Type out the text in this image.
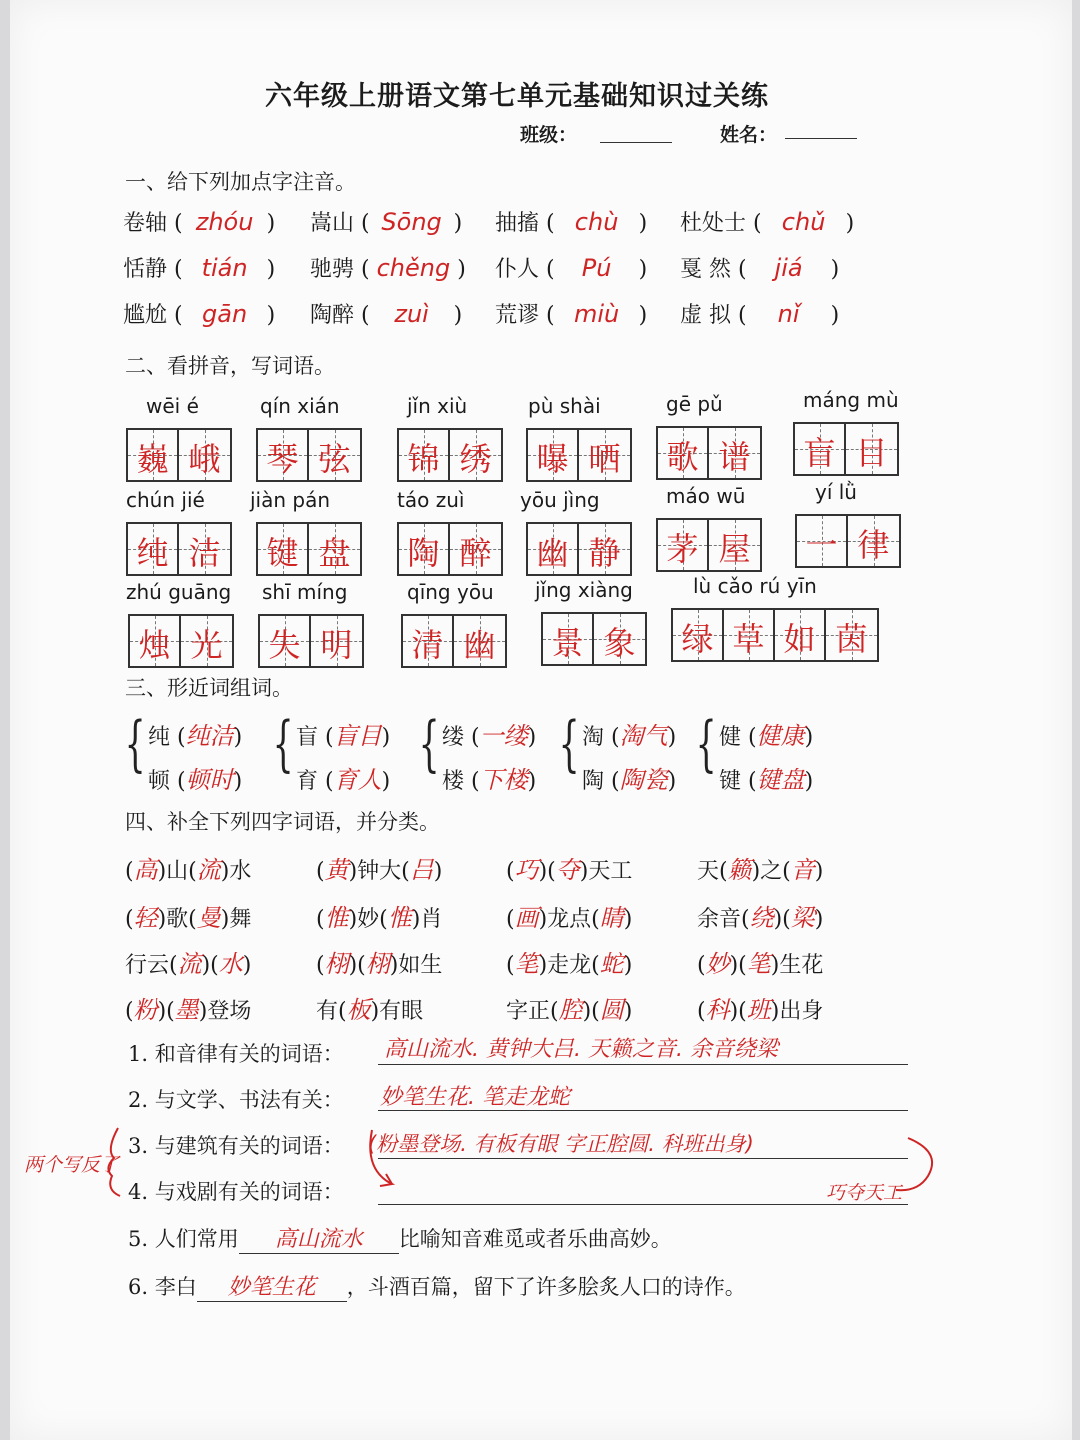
六年级上册语文第七单元基础知识过关练
班级：	姓名：
一、给下列加点字注音。
卷轴 ( zhóu ) 嵩山 ( Sōng ) 抽搐 ( chù ) 杜处士 ( chǔ )
恬静 ( tián ) 驰骋 ( chěng ) 仆人 ( Pú ) 戛 然 ( jiá )
尴尬 ( gān ) 陶醉 ( zuì ) 荒谬 ( miù ) 虚 拟 ( nǐ )
二、看拼音，写词语。
wēi é
巍 峨
qín xián
琴 弦
jǐn xiù
锦 绣
pù shài
曝 晒
gē pǔ
歌 谱
máng mù
盲 目
chún jié
纯 洁
jiàn pán
键 盘
táo zuì
陶 醉
yōu jìng
幽 静
máo wū
茅 屋
yí lǜ
一 律
zhú guāng
烛 光
shī míng
失 明
qīng yōu
清 幽
jǐng xiàng
景 象
lù cǎo rú yīn
绿 草 如 茵
三、形近词组词。
{ 纯 (纯洁)
顿 (顿时)
{ 盲 (盲目)
育 (育人)
{ 缕 (一缕)
楼 (下楼)
{ 淘 (淘气)
陶 (陶瓷)
{ 健 (健康)
键 (键盘)
四、补全下列四字词语，并分类。
(高)山(流)水	(黄)钟大(吕)	(巧)(夺)天工	天(籁)之(音)
(轻)歌(曼)舞	(惟)妙(惟)肖	(画)龙点(睛)	余音(绕)(梁)
行云(流)(水)	(栩)(栩)如生	(笔)走龙(蛇)	(妙)(笔)生花
(粉)(墨)登场	有(板)有眼	字正(腔)(圆)	(科)(班)出身
1. 和音律有关的词语： 高山流水. 黄钟大吕. 天籁之音. 余音绕梁
2. 与文学、书法有关： 妙笔生花. 笔走龙蛇
3. 与建筑有关的词语： (粉墨登场. 有板有眼 字正腔圆. 科班出身)
4. 与戏剧有关的词语：	巧夺天工
两个写反了
5. 人们常用 高山流水 比喻知音难觅或者乐曲高妙。
6. 李白 妙笔生花 ，斗酒百篇，留下了许多脍炙人口的诗作。
